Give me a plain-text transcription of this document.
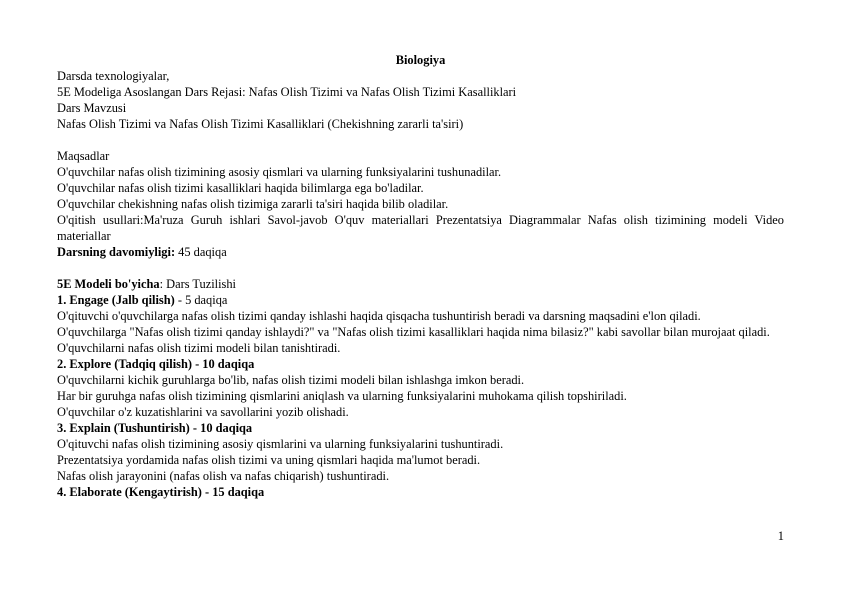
Biologiya
Darsda texnologiyalar,
5E Modeliga Asoslangan Dars Rejasi: Nafas Olish Tizimi va Nafas Olish Tizimi Kasalliklari
Dars Mavzusi
Nafas Olish Tizimi va Nafas Olish Tizimi Kasalliklari (Chekishning zararli ta'siri)
Maqsadlar
O'quvchilar nafas olish tizimining asosiy qismlari va ularning funksiyalarini tushunadilar.
O'quvchilar nafas olish tizimi kasalliklari haqida bilimlarga ega bo'ladilar.
O'quvchilar chekishning nafas olish tizimiga zararli ta'siri haqida bilib oladilar.
O'qitish usullari:Ma'ruza Guruh ishlari Savol-javob O'quv materiallari Prezentatsiya Diagrammalar Nafas olish tizimining modeli Video materiallar
Darsning davomiyligi: 45 daqiqa
5E Modeli bo'yicha: Dars Tuzilishi
1. Engage (Jalb qilish) - 5 daqiqa
O'qituvchi o'quvchilarga nafas olish tizimi qanday ishlashi haqida qisqacha tushuntirish beradi va darsning maqsadini e'lon qiladi.
O'quvchilarga "Nafas olish tizimi qanday ishlaydi?" va "Nafas olish tizimi kasalliklari haqida nima bilasiz?" kabi savollar bilan murojaat qiladi.
O'quvchilarni nafas olish tizimi modeli bilan tanishtiradi.
2. Explore (Tadqiq qilish) - 10 daqiqa
O'quvchilarni kichik guruhlarga bo'lib, nafas olish tizimi modeli bilan ishlashga imkon beradi.
Har bir guruhga nafas olish tizimining qismlarini aniqlash va ularning funksiyalarini muhokama qilish topshiriladi.
O'quvchilar o'z kuzatishlarini va savollarini yozib olishadi.
3. Explain (Tushuntirish) - 10 daqiqa
O'qituvchi nafas olish tizimining asosiy qismlarini va ularning funksiyalarini tushuntiradi.
Prezentatsiya yordamida nafas olish tizimi va uning qismlari haqida ma'lumot beradi.
Nafas olish jarayonini (nafas olish va nafas chiqarish) tushuntiradi.
4. Elaborate (Kengaytirish) - 15 daqiqa
1
